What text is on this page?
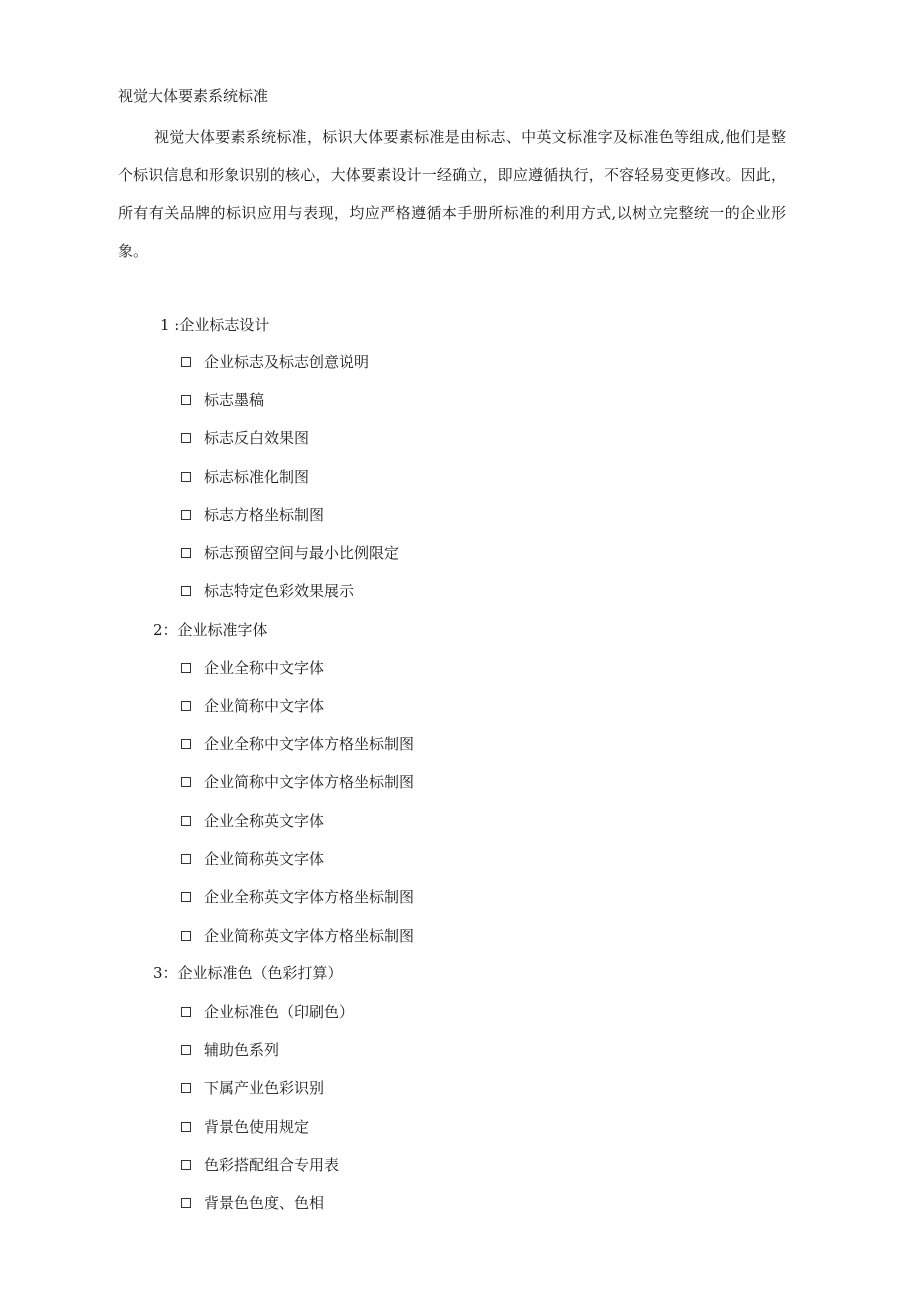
视觉大体要素系统标准

视觉大体要素系统标准，标识大体要素标准是由标志、中英文标准字及标准色等组成,他们是整个标识信息和形象识别的核心，大体要素设计一经确立，即应遵循执行，不容轻易变更修改。因此，所有有关品牌的标识应用与表现，均应严格遵循本手册所标准的利用方式,以树立完整统一的企业形象。

1 :企业标志设计
企业标志及标志创意说明
标志墨稿
标志反白效果图
标志标准化制图
标志方格坐标制图
标志预留空间与最小比例限定
标志特定色彩效果展示
2：企业标准字体
企业全称中文字体
企业简称中文字体
企业全称中文字体方格坐标制图
企业简称中文字体方格坐标制图
企业全称英文字体
企业简称英文字体
企业全称英文字体方格坐标制图
企业简称英文字体方格坐标制图
3：企业标准色（色彩打算）
企业标准色（印刷色）
辅助色系列
下属产业色彩识别
背景色使用规定
色彩搭配组合专用表
背景色色度、色相
